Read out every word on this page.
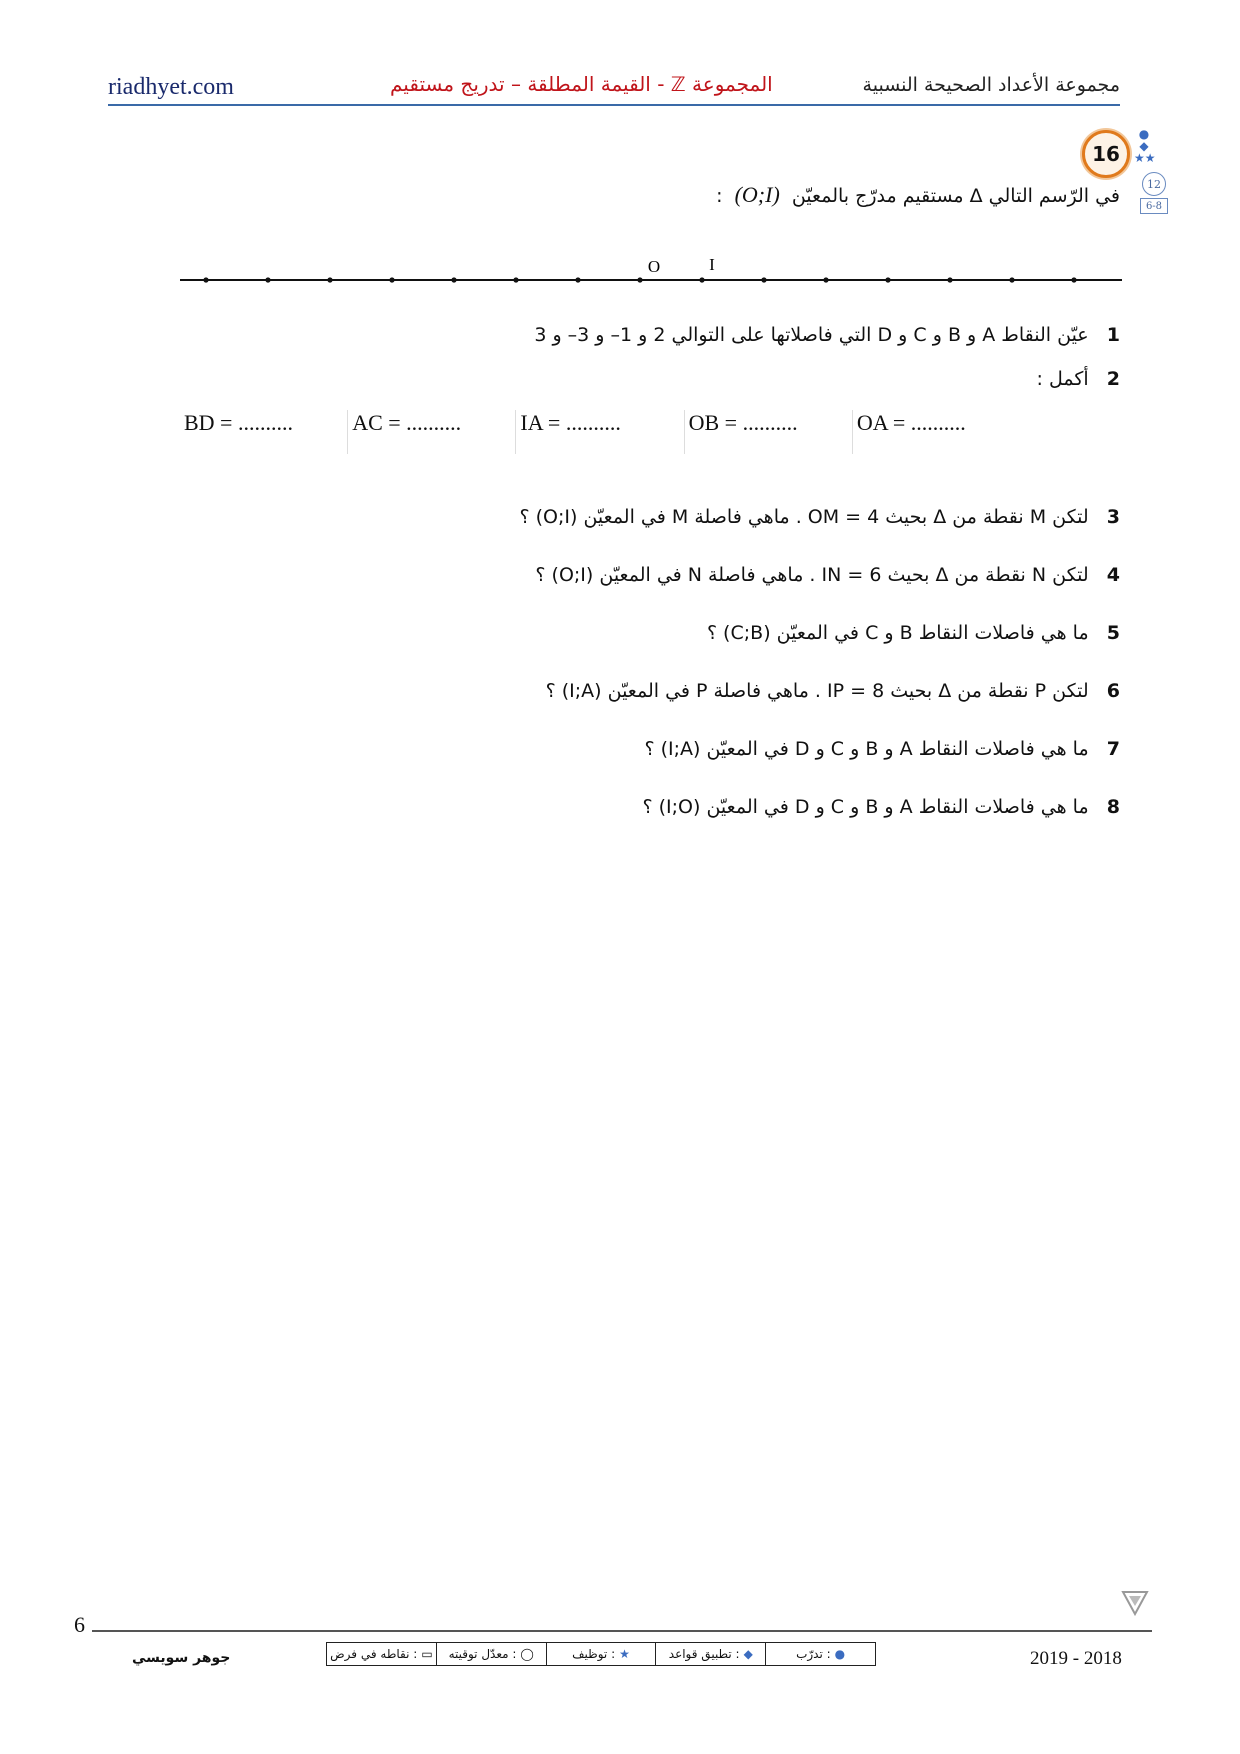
riadhyet.com	المجموعة ℤ - القيمة المطلقة – تدريج مستقيم	مجموعة الأعداد الصحيحة النسبية
16
●
◆
★★
12
6-8
في الرّسم التالي Δ مستقيم مدرّج بالمعيّن (O;I) :
O	I
1   عيّن النقاط A و B و C و D التي فاصلاتها على التوالي 2 و 1– و 3– و 3
2   أكمل :
BD = ..........	AC = ..........	IA = ..........	OB = ..........	OA = ..........
3   لتكن M نقطة من Δ بحيث OM = 4 . ماهي فاصلة M في المعيّن (O;I) ؟
4   لتكن N نقطة من Δ بحيث IN = 6 . ماهي فاصلة N في المعيّن (O;I) ؟
5   ما هي فاصلات النقاط B و C في المعيّن (C;B) ؟
6   لتكن P نقطة من Δ بحيث IP = 8 . ماهي فاصلة P في المعيّن (I;A) ؟
7   ما هي فاصلات النقاط A و B و C و D في المعيّن (I;A) ؟
8   ما هي فاصلات النقاط A و B و C و D في المعيّن (I;O) ؟
6
جوهر سويسي	●
: تدرّب
◆
: تطبيق قواعد
★
: توظيف
◯
: معدّل توقيته
▭
: نقاطه في فرض	2019 - 2018
